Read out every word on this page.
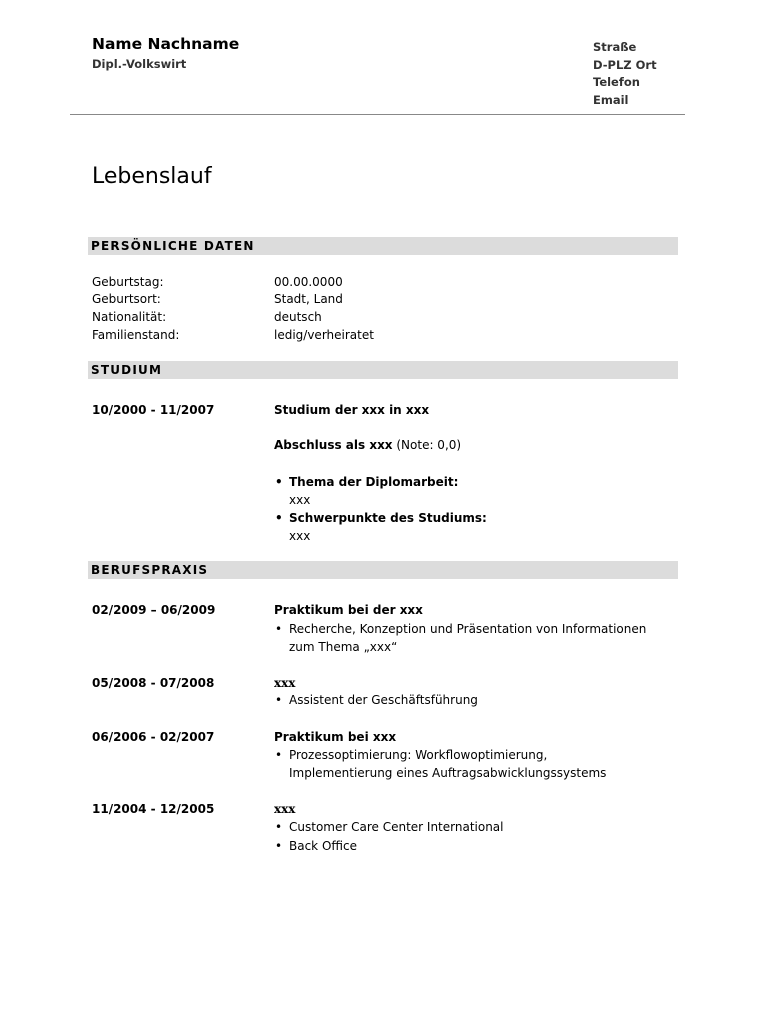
Name Nachname
Dipl.-Volkswirt
Straße
D-PLZ Ort
Telefon
Email
Lebenslauf
PERSÖNLICHE DATEN
Geburtstag:	00.00.0000
Geburtsort:	Stadt, Land
Nationalität:	deutsch
Familienstand:	ledig/verheiratet
STUDIUM
10/2000 - 11/2007	Studium der xxx in xxx
Abschluss als xxx (Note: 0,0)
• Thema der Diplomarbeit:
xxx
• Schwerpunkte des Studiums:
xxx
BERUFSPRAXIS
02/2009 – 06/2009	Praktikum bei der xxx
• Recherche, Konzeption und Präsentation von Informationen
zum Thema „xxx“
05/2008 - 07/2008	xxx
• Assistent der Geschäftsführung
06/2006 - 02/2007	Praktikum bei xxx
• Prozessoptimierung: Workflowoptimierung,
Implementierung eines Auftragsabwicklungssystems
11/2004 - 12/2005	xxx
• Customer Care Center International
• Back Office
